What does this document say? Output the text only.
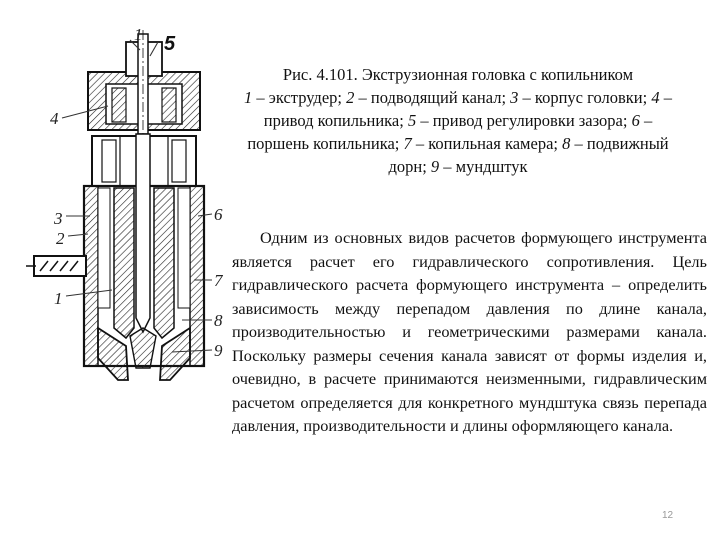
1 5
4
3
2
1
6
7
8
9
Рис. 4.101. Экструзионная головка с копильником
1 – экструдер; 2 – подводящий канал; 3 – корпус головки; 4 – привод копильника; 5 – привод регулировки зазора; 6 – поршень копильника; 7 – копильная камера; 8 – подвижный дорн; 9 – мундштук

Одним из основных видов расчетов формующего инструмента является расчет его гидравлического сопротивления. Цель гидравлического расчета формующего инструмента – определить зависимость между перепадом давления по длине канала, производительностью и геометрическими размерами канала. Поскольку размеры сечения канала зависят от формы изделия и, очевидно, в расчете принимаются неизменными, гидравлическим расчетом определяется для конкретного мундштука связь перепада давления, производительности и длины оформляющего канала.

12
